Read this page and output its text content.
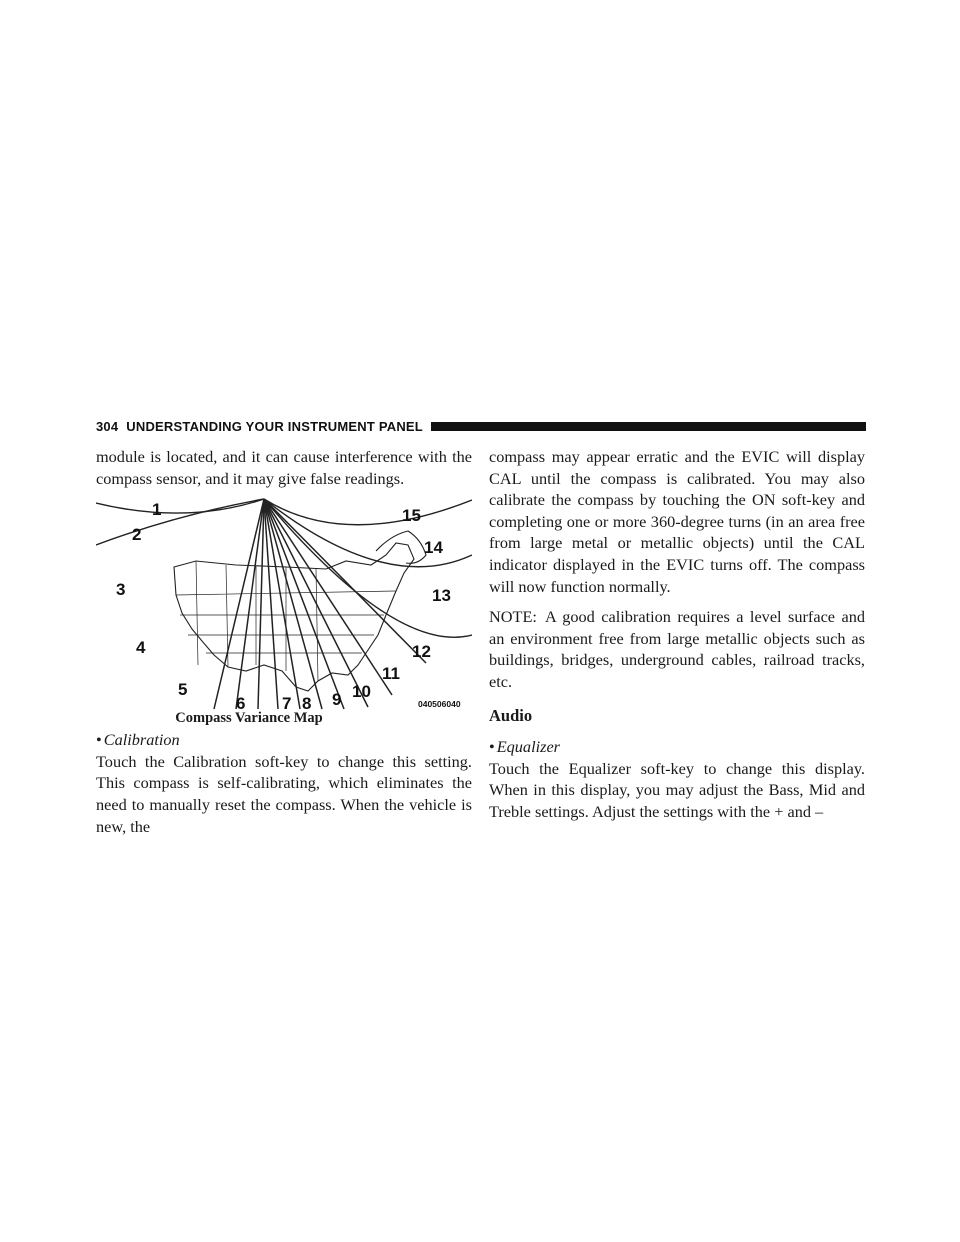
304 UNDERSTANDING YOUR INSTRUMENT PANEL

module is located, and it can cause interference with the compass sensor, and it may give false readings.

1
2
3
4
5
6 7 8 9 10
11
12
13
14
15
040506040
Compass Variance Map

• Calibration

Touch the Calibration soft-key to change this setting. This compass is self-calibrating, which eliminates the need to manually reset the compass. When the vehicle is new, the

compass may appear erratic and the EVIC will display CAL until the compass is calibrated. You may also calibrate the compass by touching the ON soft-key and completing one or more 360-degree turns (in an area free from large metal or metallic objects) until the CAL indicator displayed in the EVIC turns off. The compass will now function normally.

NOTE: A good calibration requires a level surface and an environment free from large metallic objects such as buildings, bridges, underground cables, railroad tracks, etc.

Audio

• Equalizer

Touch the Equalizer soft-key to change this display. When in this display, you may adjust the Bass, Mid and Treble settings. Adjust the settings with the + and –
